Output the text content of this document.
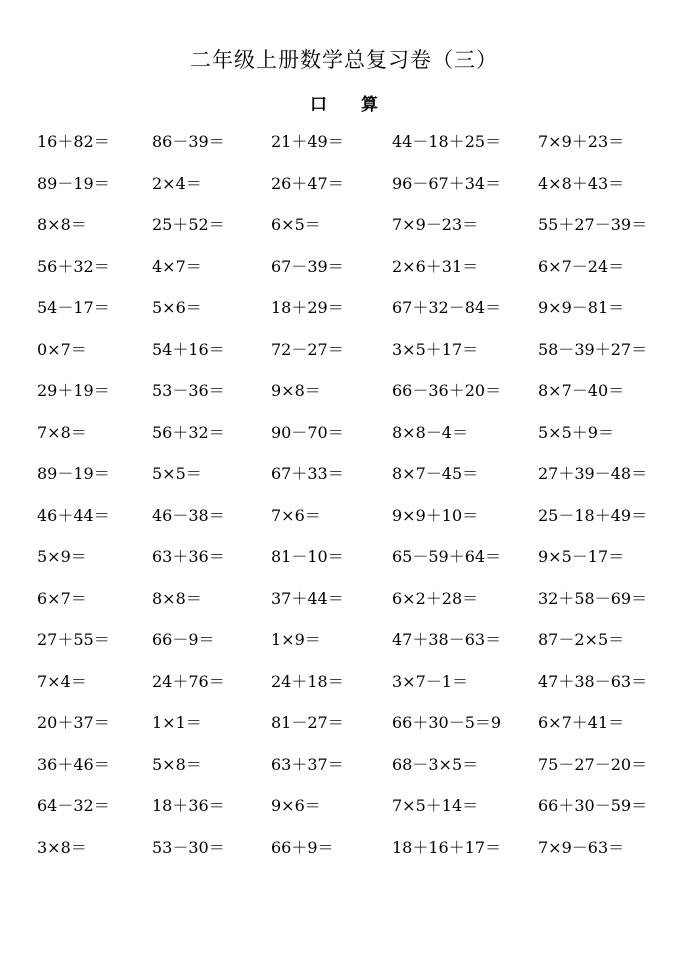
二年级上册数学总复习卷（三）
口 算
16＋82＝	86－39＝	21＋49＝	44－18＋25＝ 7×9＋23＝
89－19＝	2×4＝	26＋47＝	96－67＋34＝ 4×8＋43＝
8×8＝	25＋52＝	6×5＝	7×9－23＝	55＋27－39＝
56＋32＝	4×7＝	67－39＝	2×6＋31＝	6×7－24＝
54－17＝	5×6＝	18＋29＝	67＋32－84＝ 9×9－81＝
0×7＝	54＋16＝	72－27＝	3×5＋17＝	58－39＋27＝
29＋19＝	53－36＝	9×8＝	66－36＋20＝ 8×7－40＝
7×8＝	56＋32＝	90－70＝	8×8－4＝	5×5＋9＝
89－19＝	5×5＝	67＋33＝	8×7－45＝	27＋39－48＝
46＋44＝	46－38＝	7×6＝	9×9＋10＝	25－18＋49＝
5×9＝	63＋36＝	81－10＝	65－59＋64＝ 9×5－17＝
6×7＝	8×8＝	37＋44＝	6×2＋28＝	32＋58－69＝
27＋55＝	66－9＝	1×9＝	47＋38－63＝ 87－2×5＝
7×4＝	24＋76＝	24＋18＝	3×7－1＝	47＋38－63＝
20＋37＝	1×1＝	81－27＝	66＋30－5＝9 6×7＋41＝
36＋46＝	5×8＝	63＋37＝	68－3×5＝	75－27－20＝
64－32＝	18＋36＝	9×6＝	7×5＋14＝	66＋30－59＝
3×8＝	53－30＝	66＋9＝	18＋16＋17＝ 7×9－63＝
